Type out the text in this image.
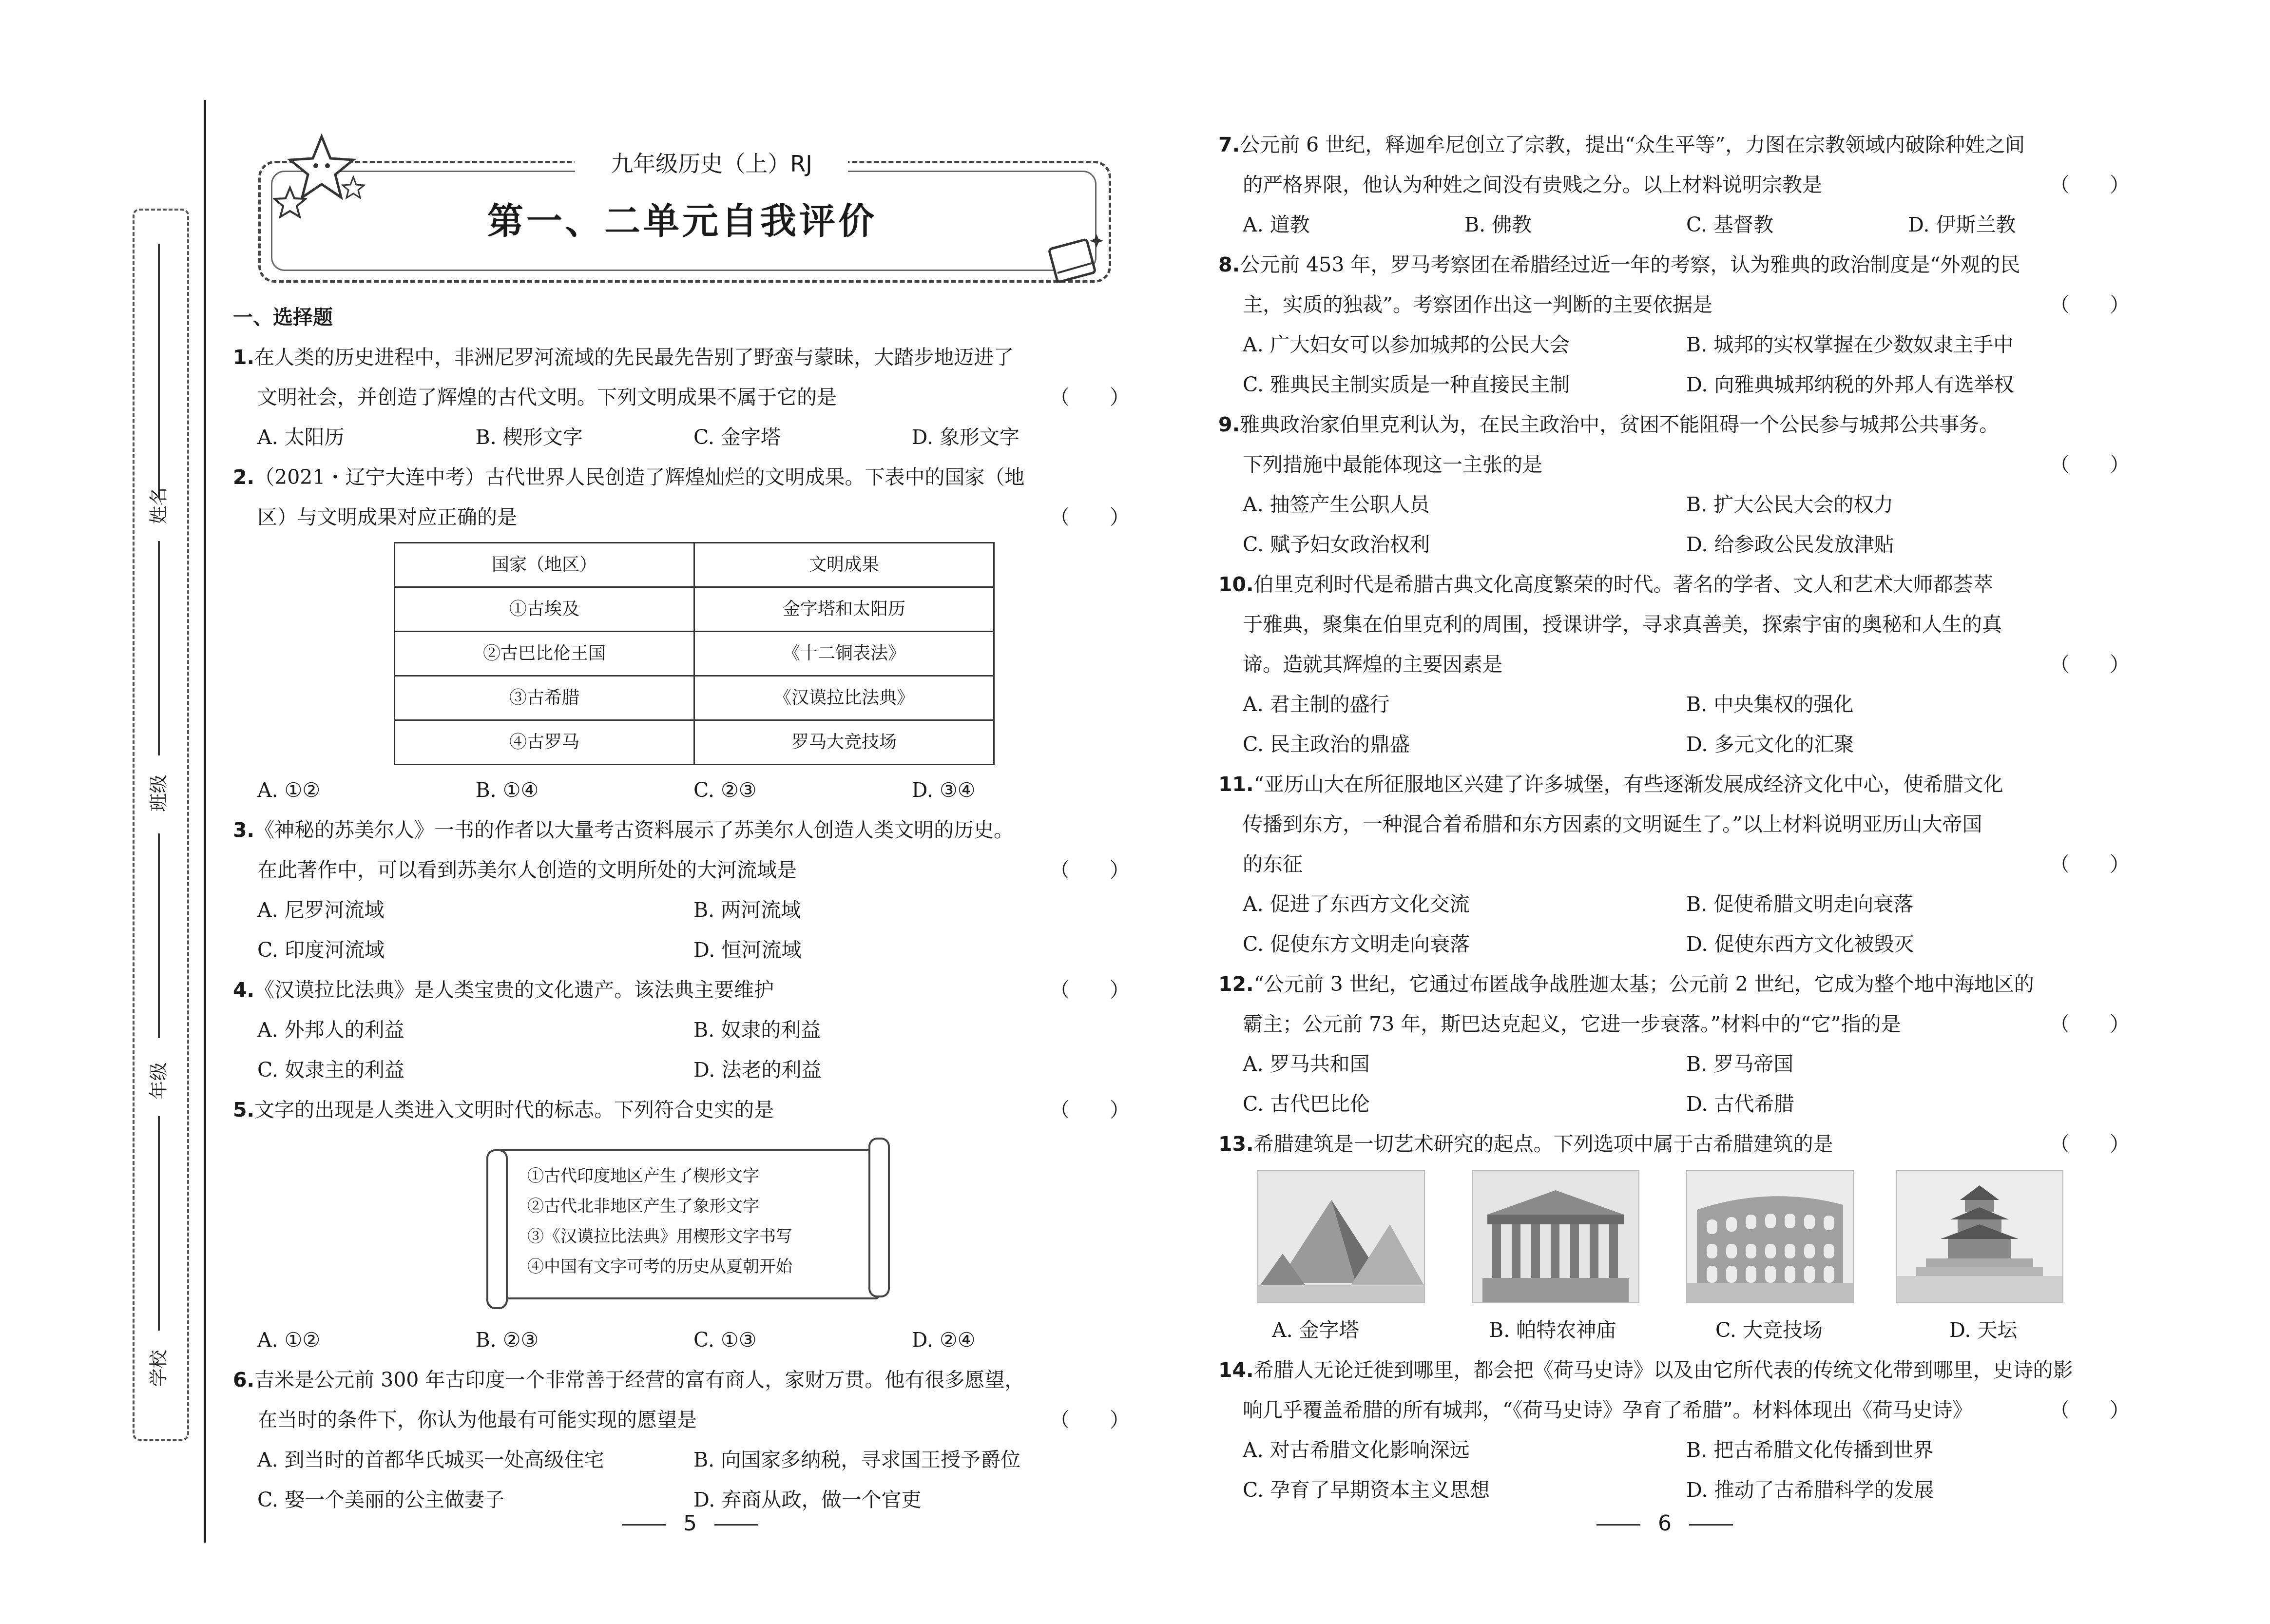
姓名
班级
年级
学校
九年级历史（上）RJ
第一、二单元自我评价
一、选择题
1.在人类的历史进程中，非洲尼罗河流域的先民最先告别了野蛮与蒙昧，大踏步地迈进了
文明社会，并创造了辉煌的古代文明。下列文明成果不属于它的是	（　　）
A. 太阳历	B. 楔形文字	C. 金字塔	D. 象形文字
2.（2021・辽宁大连中考）古代世界人民创造了辉煌灿烂的文明成果。下表中的国家（地
区）与文明成果对应正确的是	（　　）
国家（地区）	文明成果
①古埃及	金字塔和太阳历
②古巴比伦王国	《十二铜表法》
③古希腊	《汉谟拉比法典》
④古罗马	罗马大竞技场
A. ①②	B. ①④	C. ②③	D. ③④
3.《神秘的苏美尔人》一书的作者以大量考古资料展示了苏美尔人创造人类文明的历史。
在此著作中，可以看到苏美尔人创造的文明所处的大河流域是	（　　）
A. 尼罗河流域	B. 两河流域
C. 印度河流域	D. 恒河流域
4.《汉谟拉比法典》是人类宝贵的文化遗产。该法典主要维护	（　　）
A. 外邦人的利益	B. 奴隶的利益
C. 奴隶主的利益	D. 法老的利益
5.文字的出现是人类进入文明时代的标志。下列符合史实的是	（　　）
①古代印度地区产生了楔形文字
②古代北非地区产生了象形文字
③《汉谟拉比法典》用楔形文字书写
④中国有文字可考的历史从夏朝开始
A. ①②	B. ②③	C. ①③	D. ②④
6.吉米是公元前 300 年古印度一个非常善于经营的富有商人，家财万贯。他有很多愿望，
在当时的条件下，你认为他最有可能实现的愿望是	（　　）
A. 到当时的首都华氏城买一处高级住宅	B. 向国家多纳税，寻求国王授予爵位
C. 娶一个美丽的公主做妻子	D. 弃商从政，做一个官吏
5
7.公元前 6 世纪，释迦牟尼创立了宗教，提出“众生平等”，力图在宗教领域内破除种姓之间
的严格界限，他认为种姓之间没有贵贱之分。以上材料说明宗教是	（　　）
A. 道教	B. 佛教	C. 基督教	D. 伊斯兰教
8.公元前 453 年，罗马考察团在希腊经过近一年的考察，认为雅典的政治制度是“外观的民
主，实质的独裁”。考察团作出这一判断的主要依据是	（　　）
A. 广大妇女可以参加城邦的公民大会	B. 城邦的实权掌握在少数奴隶主手中
C. 雅典民主制实质是一种直接民主制	D. 向雅典城邦纳税的外邦人有选举权
9.雅典政治家伯里克利认为，在民主政治中，贫困不能阻碍一个公民参与城邦公共事务。
下列措施中最能体现这一主张的是	（　　）
A. 抽签产生公职人员	B. 扩大公民大会的权力
C. 赋予妇女政治权利	D. 给参政公民发放津贴
10.伯里克利时代是希腊古典文化高度繁荣的时代。著名的学者、文人和艺术大师都荟萃
于雅典，聚集在伯里克利的周围，授课讲学，寻求真善美，探索宇宙的奥秘和人生的真
谛。造就其辉煌的主要因素是	（　　）
A. 君主制的盛行	B. 中央集权的强化
C. 民主政治的鼎盛	D. 多元文化的汇聚
11.“亚历山大在所征服地区兴建了许多城堡，有些逐渐发展成经济文化中心，使希腊文化
传播到东方，一种混合着希腊和东方因素的文明诞生了。”以上材料说明亚历山大帝国
的东征	（　　）
A. 促进了东西方文化交流	B. 促使希腊文明走向衰落
C. 促使东方文明走向衰落	D. 促使东西方文化被毁灭
12.“公元前 3 世纪，它通过布匿战争战胜迦太基；公元前 2 世纪，它成为整个地中海地区的
霸主；公元前 73 年，斯巴达克起义，它进一步衰落。”材料中的“它”指的是	（　　）
A. 罗马共和国	B. 罗马帝国
C. 古代巴比伦	D. 古代希腊
13.希腊建筑是一切艺术研究的起点。下列选项中属于古希腊建筑的是	（　　）
A. 金字塔	B. 帕特农神庙	C. 大竞技场	D. 天坛
14.希腊人无论迁徙到哪里，都会把《荷马史诗》以及由它所代表的传统文化带到哪里，史诗的影
响几乎覆盖希腊的所有城邦，“《荷马史诗》孕育了希腊”。材料体现出《荷马史诗》	（　　）
A. 对古希腊文化影响深远	B. 把古希腊文化传播到世界
C. 孕育了早期资本主义思想	D. 推动了古希腊科学的发展
6
